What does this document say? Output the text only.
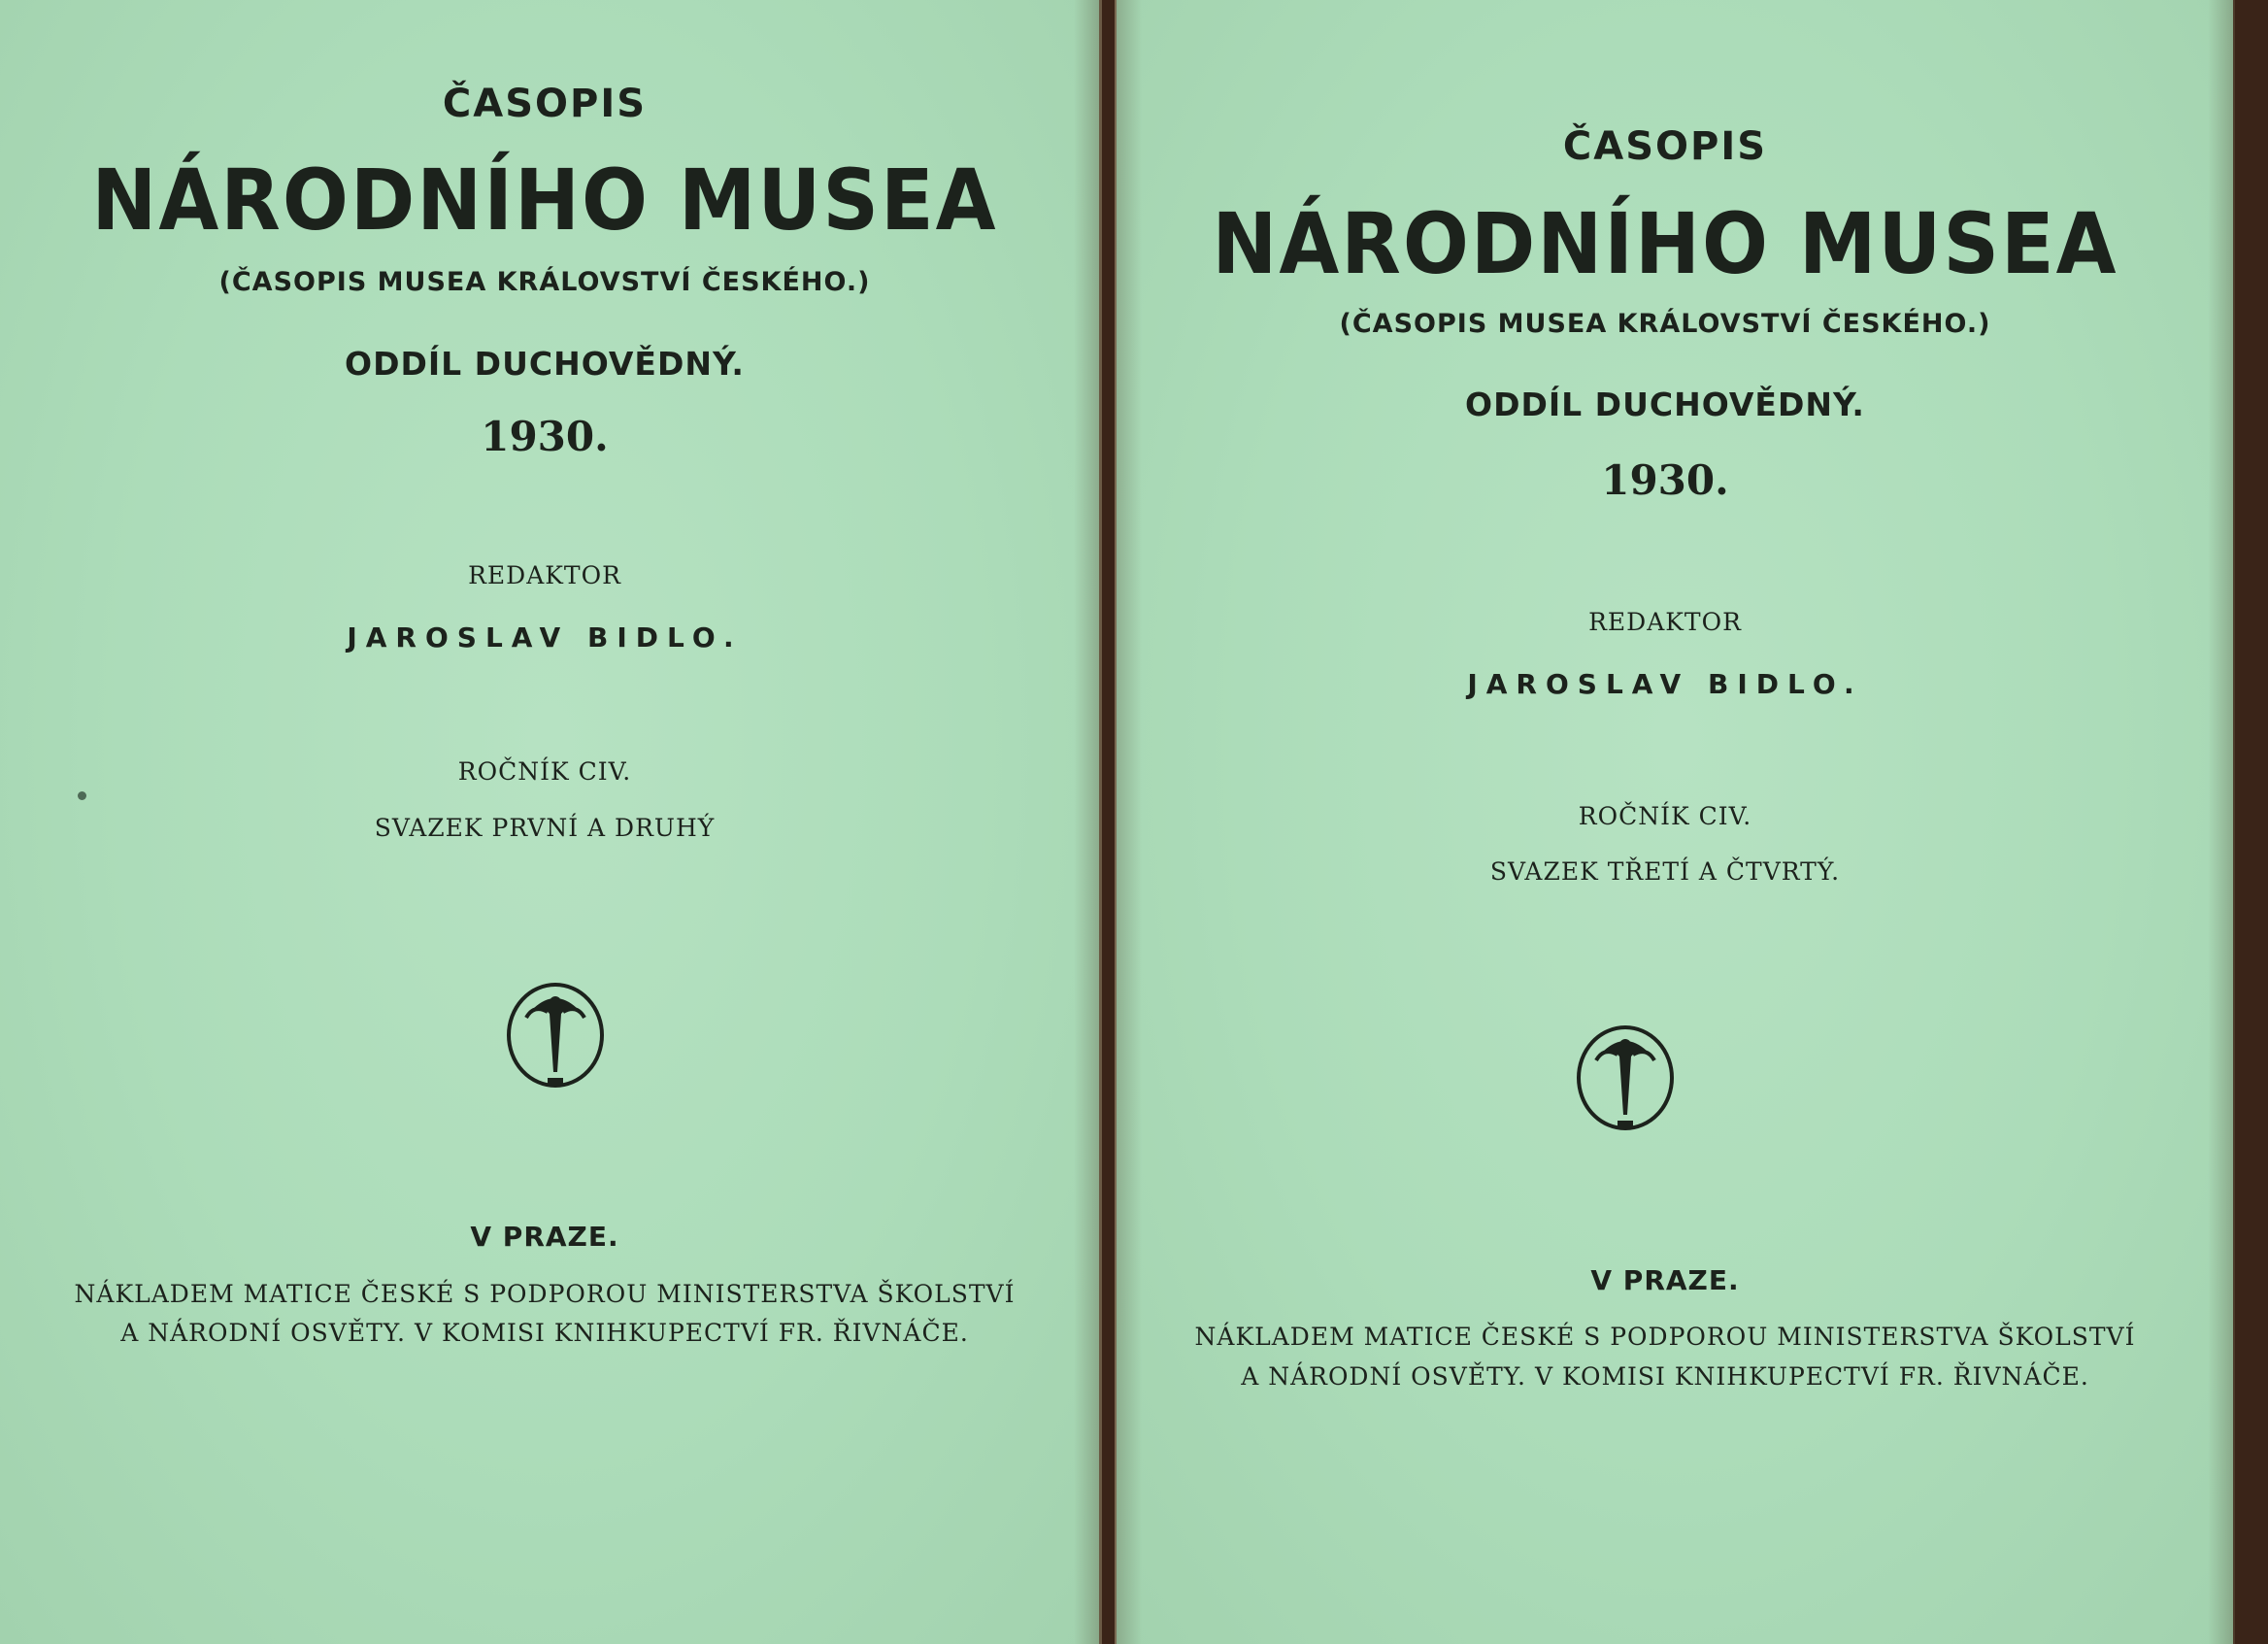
ČASOPIS
NÁRODNÍHO MUSEA
(ČASOPIS MUSEA KRÁLOVSTVÍ ČESKÉHO.)
ODDÍL DUCHOVĚDNÝ.
1930.
REDAKTOR
JAROSLAV BIDLO.
ROČNÍK CIV.
SVAZEK PRVNÍ A DRUHÝ
V PRAZE.
NÁKLADEM MATICE ČESKÉ S PODPOROU MINISTERSTVA ŠKOLSTVÍ
A NÁRODNÍ OSVĚTY. V KOMISI KNIHKUPECTVÍ FR. ŘIVNÁČE.
ČASOPIS
NÁRODNÍHO MUSEA
(ČASOPIS MUSEA KRÁLOVSTVÍ ČESKÉHO.)
ODDÍL DUCHOVĚDNÝ.
1930.
REDAKTOR
JAROSLAV BIDLO.
ROČNÍK CIV.
SVAZEK TŘETÍ A ČTVRTÝ.
V PRAZE.
NÁKLADEM MATICE ČESKÉ S PODPOROU MINISTERSTVA ŠKOLSTVÍ
A NÁRODNÍ OSVĚTY. V KOMISI KNIHKUPECTVÍ FR. ŘIVNÁČE.
